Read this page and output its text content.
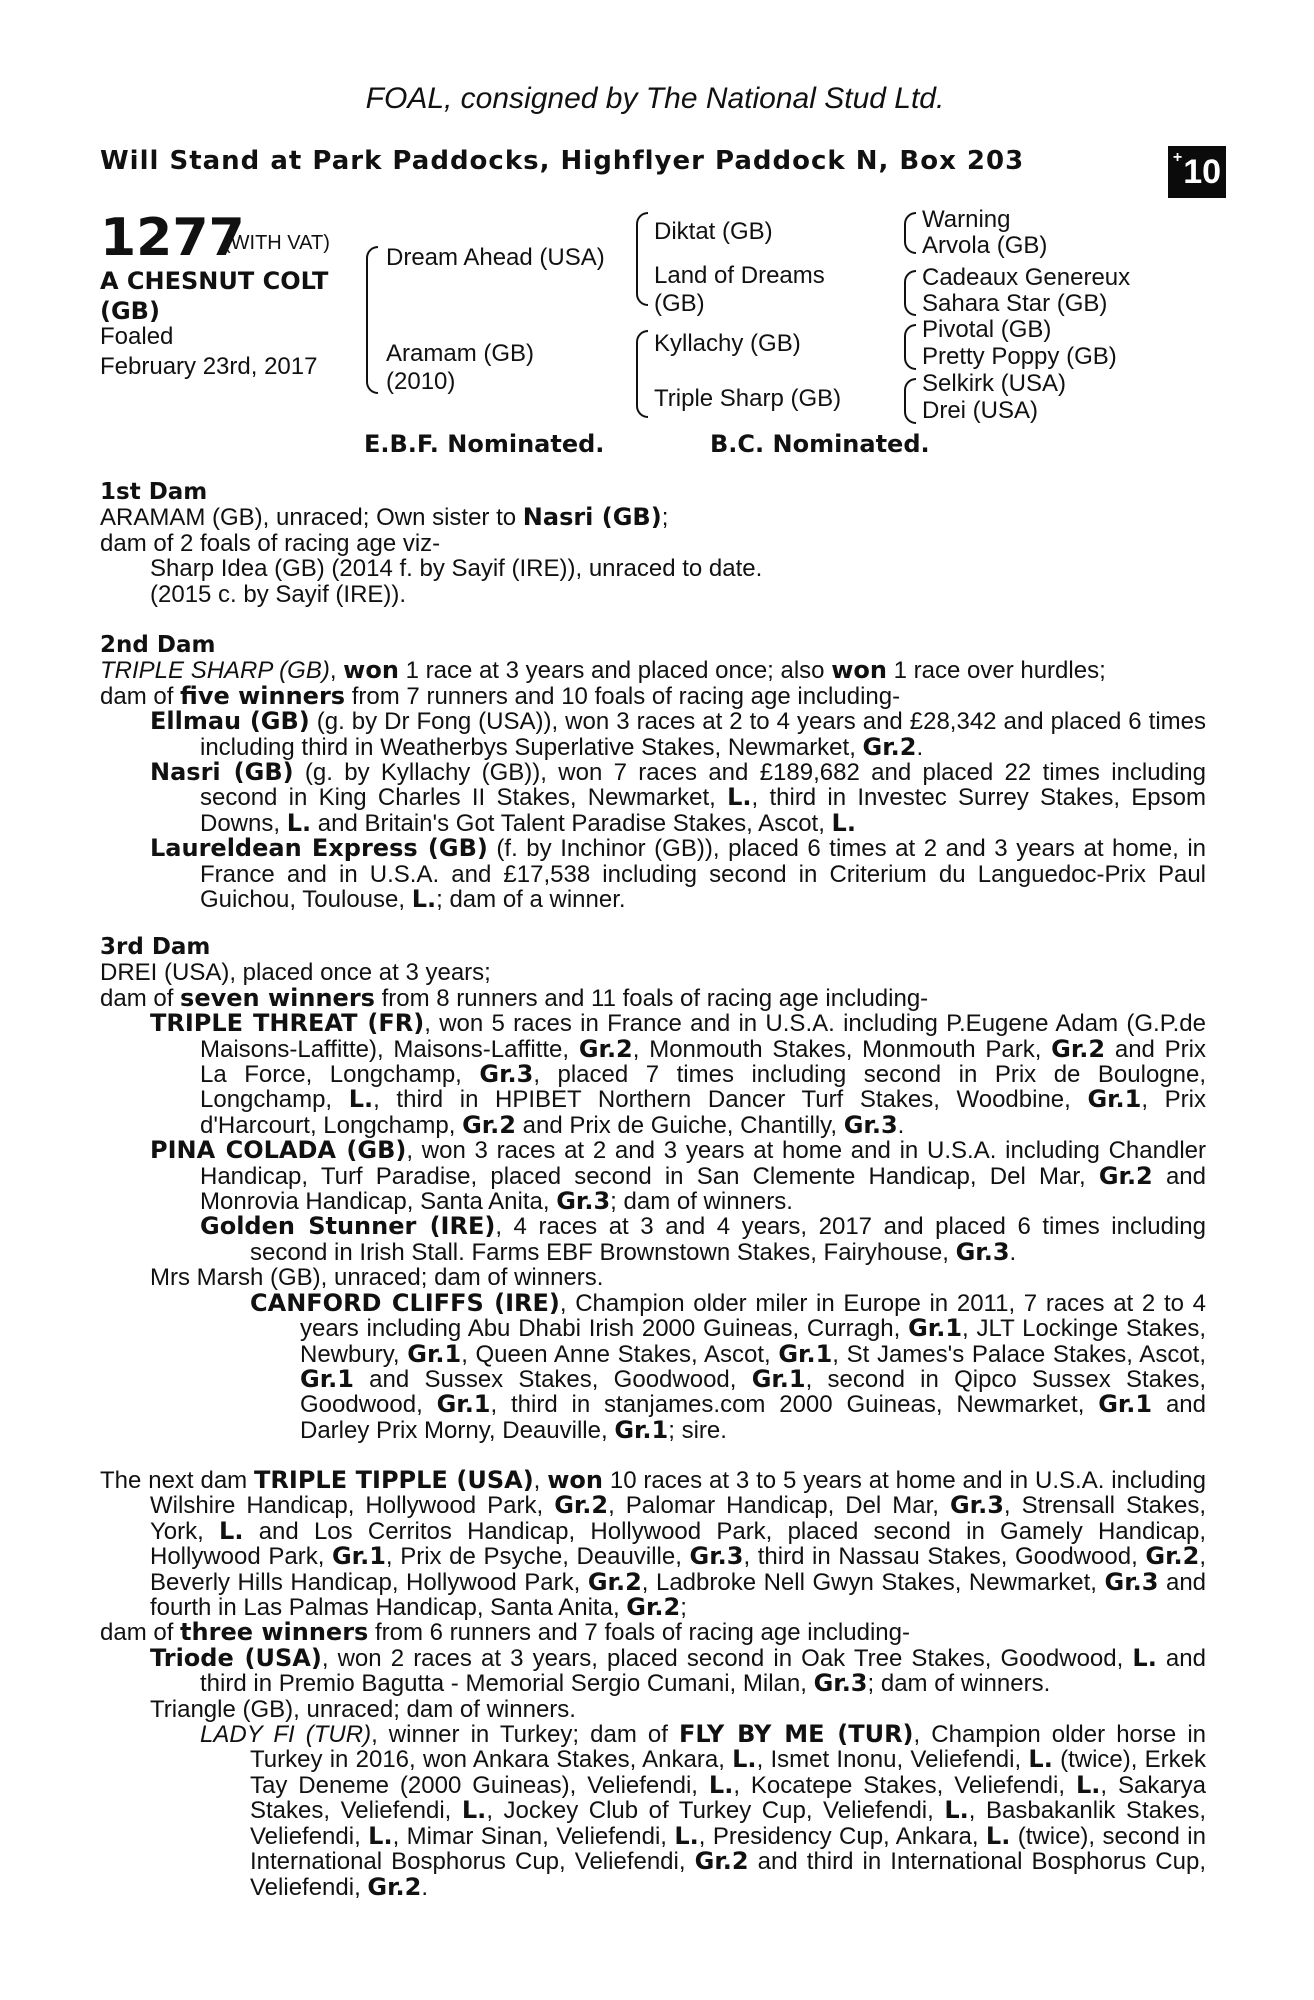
FOAL, consigned by The National Stud Ltd.
Will Stand at Park Paddocks, Highflyer Paddock N, Box 203	+ 10
1277
(WITH VAT)
A CHESNUT COLT
(GB)
Foaled
February 23rd, 2017
Dream Ahead (USA)
Aramam (GB)
(2010)
Diktat (GB)
Land of Dreams
(GB)
Kyllachy (GB)
Triple Sharp (GB)
Warning
Arvola (GB)
Cadeaux Genereux
Sahara Star (GB)
Pivotal (GB)
Pretty Poppy (GB)
Selkirk (USA)
Drei (USA)
E.B.F. Nominated.	B.C. Nominated.
1st Dam

ARAMAM (GB), unraced; Own sister to Nasri (GB);

dam of 2 foals of racing age viz-

Sharp Idea (GB) (2014 f. by Sayif (IRE)), unraced to date.

(2015 c. by Sayif (IRE)).

2nd Dam

TRIPLE SHARP (GB), won 1 race at 3 years and placed once; also won 1 race over hurdles;

dam of five winners from 7 runners and 10 foals of racing age including-

Ellmau (GB) (g. by Dr Fong (USA)), won 3 races at 2 to 4 years and £28,342 and placed 6 times including third in Weatherbys Superlative Stakes, Newmarket, Gr.2.

Nasri (GB) (g. by Kyllachy (GB)), won 7 races and £189,682 and placed 22 times including second in King Charles II Stakes, Newmarket, L., third in Investec Surrey Stakes, Epsom Downs, L. and Britain's Got Talent Paradise Stakes, Ascot, L.

Laureldean Express (GB) (f. by Inchinor (GB)), placed 6 times at 2 and 3 years at home, in France and in U.S.A. and £17,538 including second in Criterium du Languedoc-Prix Paul Guichou, Toulouse, L.; dam of a winner.

3rd Dam

DREI (USA), placed once at 3 years;

dam of seven winners from 8 runners and 11 foals of racing age including-

TRIPLE THREAT (FR), won 5 races in France and in U.S.A. including P.Eugene Adam (G.P.de Maisons-Laffitte), Maisons-Laffitte, Gr.2, Monmouth Stakes, Monmouth Park, Gr.2 and Prix La Force, Longchamp, Gr.3, placed 7 times including second in Prix de Boulogne, Longchamp, L., third in HPIBET Northern Dancer Turf Stakes, Woodbine, Gr.1, Prix d'Harcourt, Longchamp, Gr.2 and Prix de Guiche, Chantilly, Gr.3.

PINA COLADA (GB), won 3 races at 2 and 3 years at home and in U.S.A. including Chandler Handicap, Turf Paradise, placed second in San Clemente Handicap, Del Mar, Gr.2 and Monrovia Handicap, Santa Anita, Gr.3; dam of winners.

Golden Stunner (IRE), 4 races at 3 and 4 years, 2017 and placed 6 times including second in Irish Stall. Farms EBF Brownstown Stakes, Fairyhouse, Gr.3.

Mrs Marsh (GB), unraced; dam of winners.

CANFORD CLIFFS (IRE), Champion older miler in Europe in 2011, 7 races at 2 to 4 years including Abu Dhabi Irish 2000 Guineas, Curragh, Gr.1, JLT Lockinge Stakes, Newbury, Gr.1, Queen Anne Stakes, Ascot, Gr.1, St James's Palace Stakes, Ascot, Gr.1 and Sussex Stakes, Goodwood, Gr.1, second in Qipco Sussex Stakes, Goodwood, Gr.1, third in stanjames.com 2000 Guineas, Newmarket, Gr.1 and Darley Prix Morny, Deauville, Gr.1; sire.

The next dam TRIPLE TIPPLE (USA), won 10 races at 3 to 5 years at home and in U.S.A. including Wilshire Handicap, Hollywood Park, Gr.2, Palomar Handicap, Del Mar, Gr.3, Strensall Stakes, York, L. and Los Cerritos Handicap, Hollywood Park, placed second in Gamely Handicap, Hollywood Park, Gr.1, Prix de Psyche, Deauville, Gr.3, third in Nassau Stakes, Goodwood, Gr.2, Beverly Hills Handicap, Hollywood Park, Gr.2, Ladbroke Nell Gwyn Stakes, Newmarket, Gr.3 and fourth in Las Palmas Handicap, Santa Anita, Gr.2;

dam of three winners from 6 runners and 7 foals of racing age including-

Triode (USA), won 2 races at 3 years, placed second in Oak Tree Stakes, Goodwood, L. and third in Premio Bagutta - Memorial Sergio Cumani, Milan, Gr.3; dam of winners.

Triangle (GB), unraced; dam of winners.

LADY FI (TUR), winner in Turkey; dam of FLY BY ME (TUR), Champion older horse in Turkey in 2016, won Ankara Stakes, Ankara, L., Ismet Inonu, Veliefendi, L. (twice), Erkek Tay Deneme (2000 Guineas), Veliefendi, L., Kocatepe Stakes, Veliefendi, L., Sakarya Stakes, Veliefendi, L., Jockey Club of Turkey Cup, Veliefendi, L., Basbakanlik Stakes, Veliefendi, L., Mimar Sinan, Veliefendi, L., Presidency Cup, Ankara, L. (twice), second in International Bosphorus Cup, Veliefendi, Gr.2 and third in International Bosphorus Cup, Veliefendi, Gr.2.
